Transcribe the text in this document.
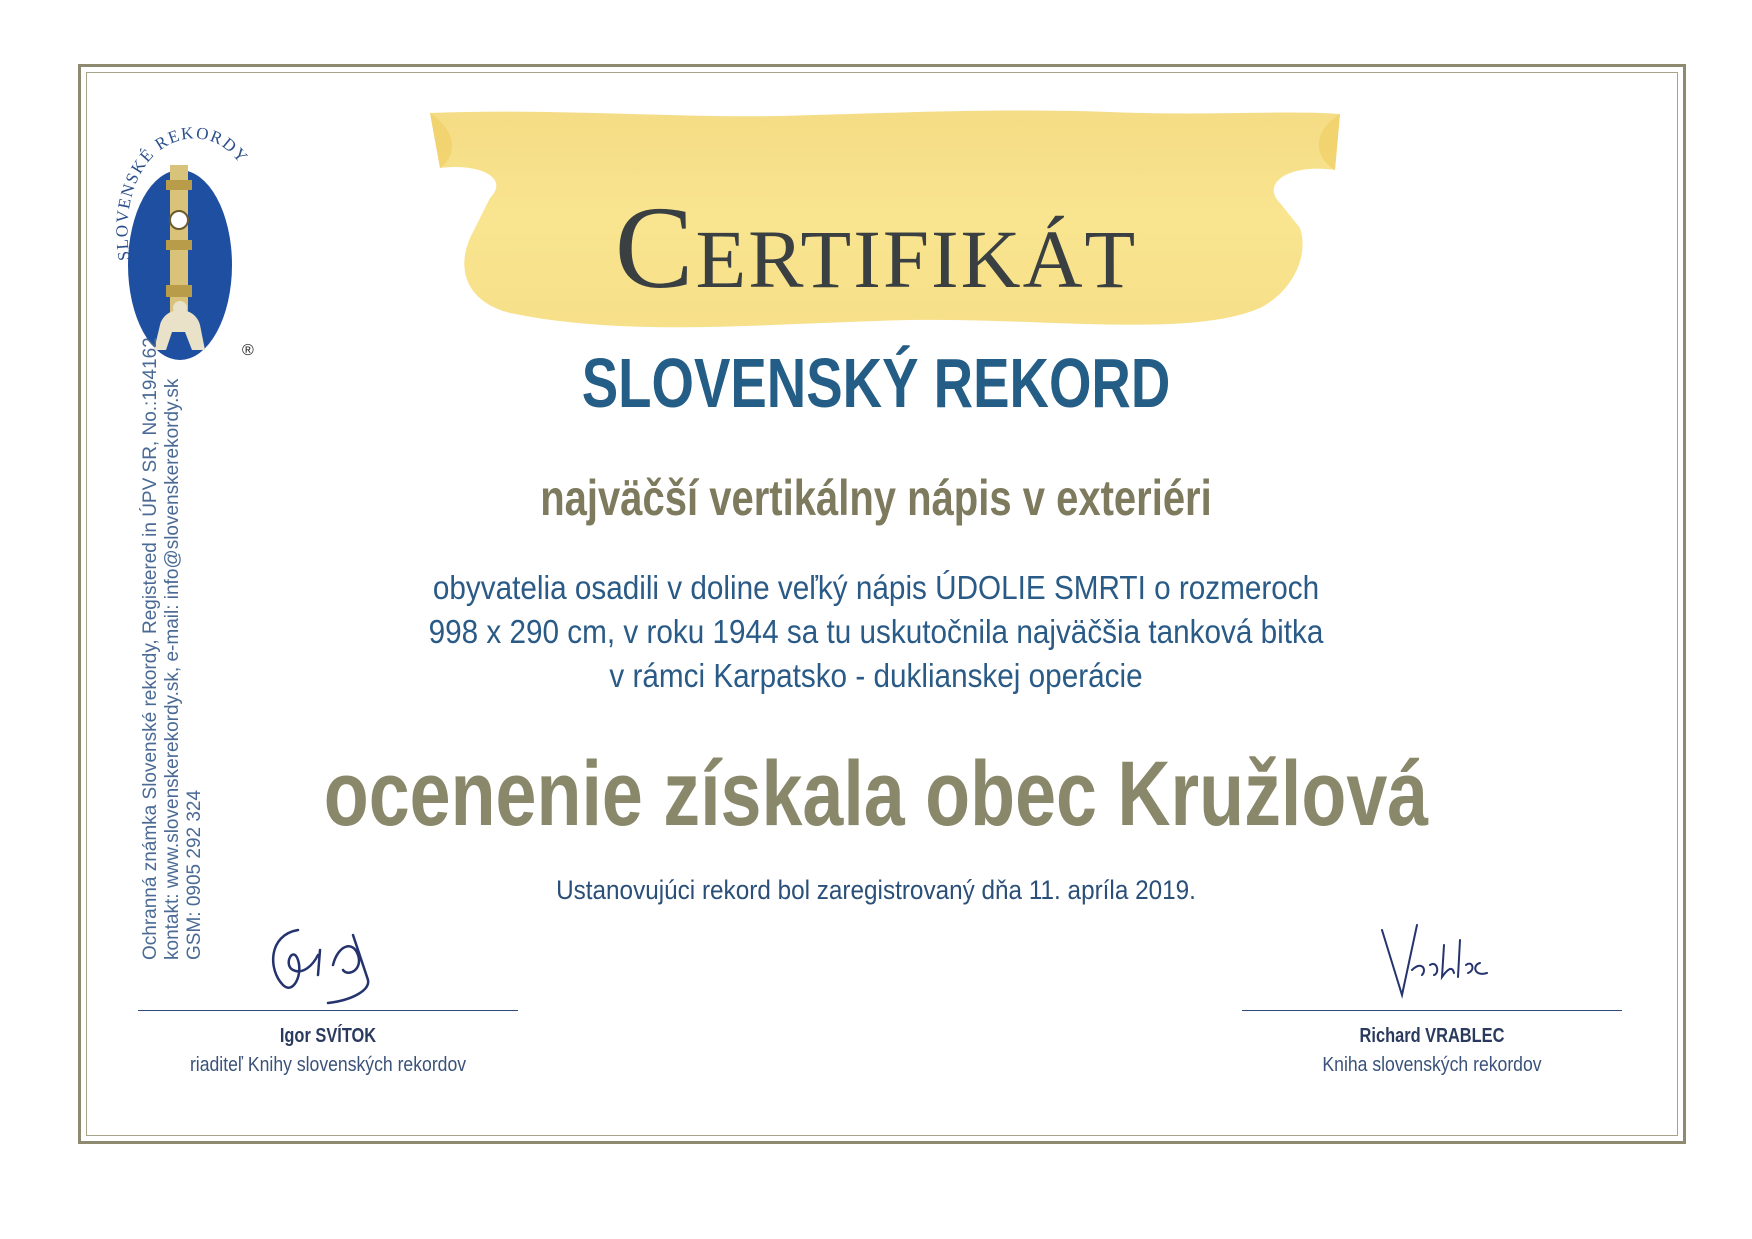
Certifikát
SLOVENSKÝ REKORD
najväčší vertikálny nápis v exteriéri
obyvatelia osadili v doline veľký nápis ÚDOLIE SMRTI o rozmeroch
998 x 290 cm, v roku 1944 sa tu uskutočnila najväčšia tanková bitka
v rámci Karpatsko - duklianskej operácie
ocenenie získala obec Kružlová
Ustanovujúci rekord bol zaregistrovaný dňa 11. apríla 2019.
SLOVENSKÉ REKORDY
®
Ochranná známka Slovenské rekordy, Registered in ÚPV SR, No.:194162 kontakt: www.slovenskerekordy.sk, e-mail: info@slovenskerekordy.sk GSM: 0905 292 324
Igor SVÍTOK
riaditeľ Knihy slovenských rekordov
Richard VRABLEC
Kniha slovenských rekordov
